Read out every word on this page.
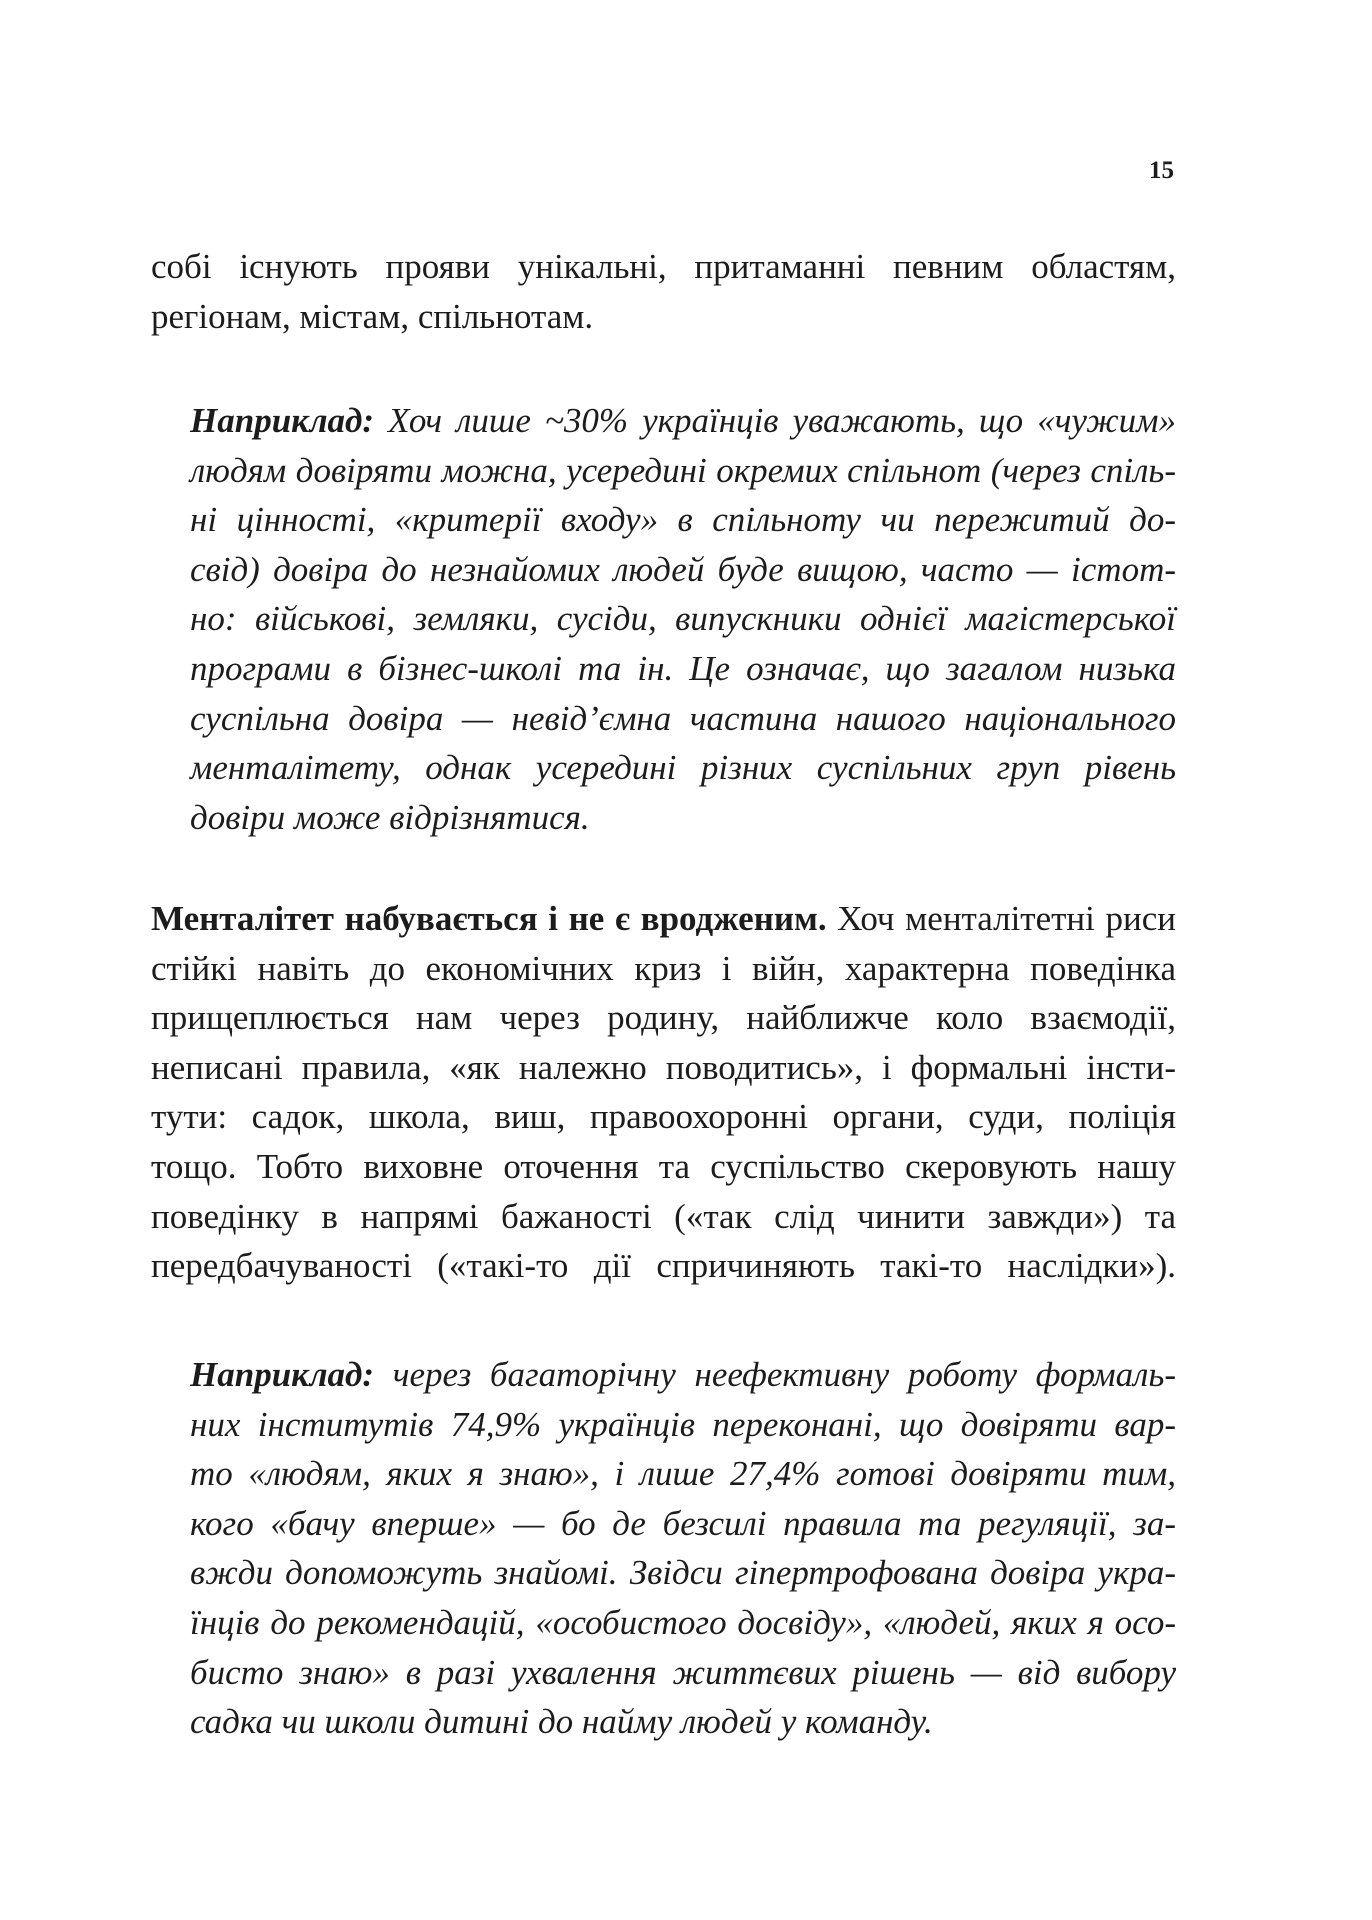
15
собі існують прояви унікальні, притаманні певним областям,
регіонам, містам, спільнотам.
Наприклад: Хоч лише ~30% українців уважають, що «чужим»
людям довіряти можна, усередині окремих спільнот (через спіль-
ні цінності, «критерії входу» в спільноту чи пережитий до-
свід) довіра до незнайомих людей буде вищою, часто — істот-
но: військові, земляки, сусіди, випускники однієї магістерської
програми в бізнес-школі та ін. Це означає, що загалом низька
суспільна довіра — невід’ємна частина нашого національного
менталітету, однак усередині різних суспільних груп рівень
довіри може відрізнятися.
Менталітет набувається і не є вродженим. Хоч менталітетні риси
стійкі навіть до економічних криз і війн, характерна поведінка
прищеплюється нам через родину, найближче коло взаємодії,
неписані правила, «як належно поводитись», і формальні інсти-
тути: садок, школа, виш, правоохоронні органи, суди, поліція
тощо. Тобто виховне оточення та суспільство скеровують нашу
поведінку в напрямі бажаності («так слід чинити завжди») та
передбачуваності («такі-то дії спричиняють такі-то наслідки»).
Наприклад: через багаторічну неефективну роботу формаль-
них інститутів 74,9% українців переконані, що довіряти вар-
то «людям, яких я знаю», і лише 27,4% готові довіряти тим,
кого «бачу вперше» — бо де безсилі правила та регуляції, за-
вжди допоможуть знайомі. Звідси гіпертрофована довіра укра-
їнців до рекомендацій, «особистого досвіду», «людей, яких я осо-
бисто знаю» в разі ухвалення життєвих рішень — від вибору
садка чи школи дитині до найму людей у команду.
